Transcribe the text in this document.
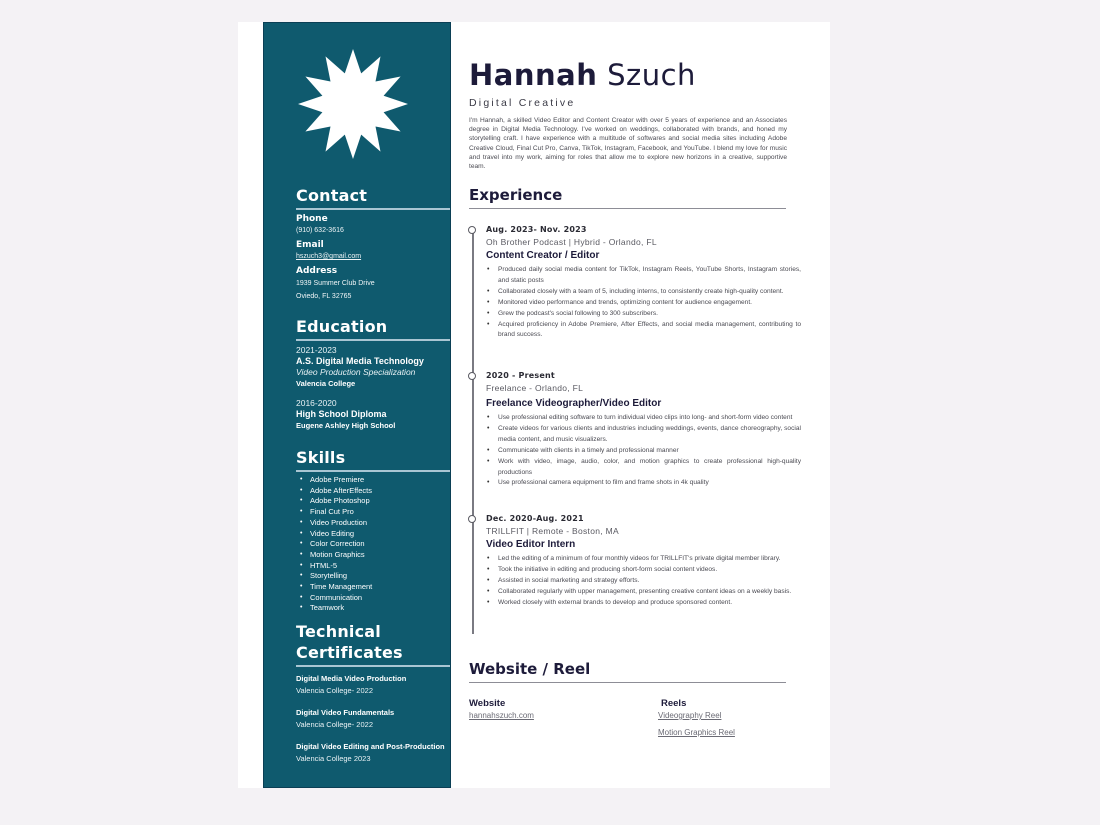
Contact
Phone
(910) 632-3616
Email
hszuch3@gmail.com
Address
1939 Summer Club Drive
Oviedo, FL 32765
Education
2021-2023
A.S. Digital Media Technology
Video Production Specialization
Valencia College
2016-2020
High School Diploma
Eugene Ashley High School
Skills
• Adobe Premiere
• Adobe AfterEffects
• Adobe Photoshop
• Final Cut Pro
• Video Production
• Video Editing
• Color Correction
• Motion Graphics
• HTML-5
• Storytelling
• Time Management
• Communication
• Teamwork
Technical
Certificates
Digital Media Video Production
Valencia College- 2022
Digital Video Fundamentals
Valencia College- 2022
Digital Video Editing and Post-Production
Valencia College 2023
Hannah Szuch
Digital Creative
I'm Hannah, a skilled Video Editor and Content Creator with over 5 years of experience and an Associates degree in Digital Media Technology. I've worked on weddings, collaborated with brands, and honed my storytelling craft. I have experience with a multitude of softwares and social media sites including Adobe Creative Cloud, Final Cut Pro, Canva, TikTok, Instagram, Facebook, and YouTube. I blend my love for music and travel into my work, aiming for roles that allow me to explore new horizons in a creative, supportive team.
Experience
Aug. 2023- Nov. 2023
Oh Brother Podcast | Hybrid - Orlando, FL
Content Creator / Editor
• Produced daily social media content for TikTok, Instagram Reels, YouTube Shorts, Instagram stories, and static posts
• Collaborated closely with a team of 5, including interns, to consistently create high-quality content.
• Monitored video performance and trends, optimizing content for audience engagement.
• Grew the podcast's social following to 300 subscribers.
• Acquired proficiency in Adobe Premiere, After Effects, and social media management, contributing to brand success.
2020 - Present
Freelance - Orlando, FL
Freelance Videographer/Video Editor
• Use professional editing software to turn individual video clips into long- and short-form video content
• Create videos for various clients and industries including weddings, events, dance choreography, social media content, and music visualizers.
• Communicate with clients in a timely and professional manner
• Work with video, image, audio, color, and motion graphics to create professional high-quality productions
• Use professional camera equipment to film and frame shots in 4k quality
Dec. 2020-Aug. 2021
TRILLFIT | Remote - Boston, MA
Video Editor Intern
• Led the editing of a minimum of four monthly videos for TRILLFIT's private digital member library.
• Took the initiative in editing and producing short-form social content videos.
• Assisted in social marketing and strategy efforts.
• Collaborated regularly with upper management, presenting creative content ideas on a weekly basis.
• Worked closely with external brands to develop and produce sponsored content.
Website / Reel
Website
hannahszuch.com
Reels
Videography Reel
Motion Graphics Reel
